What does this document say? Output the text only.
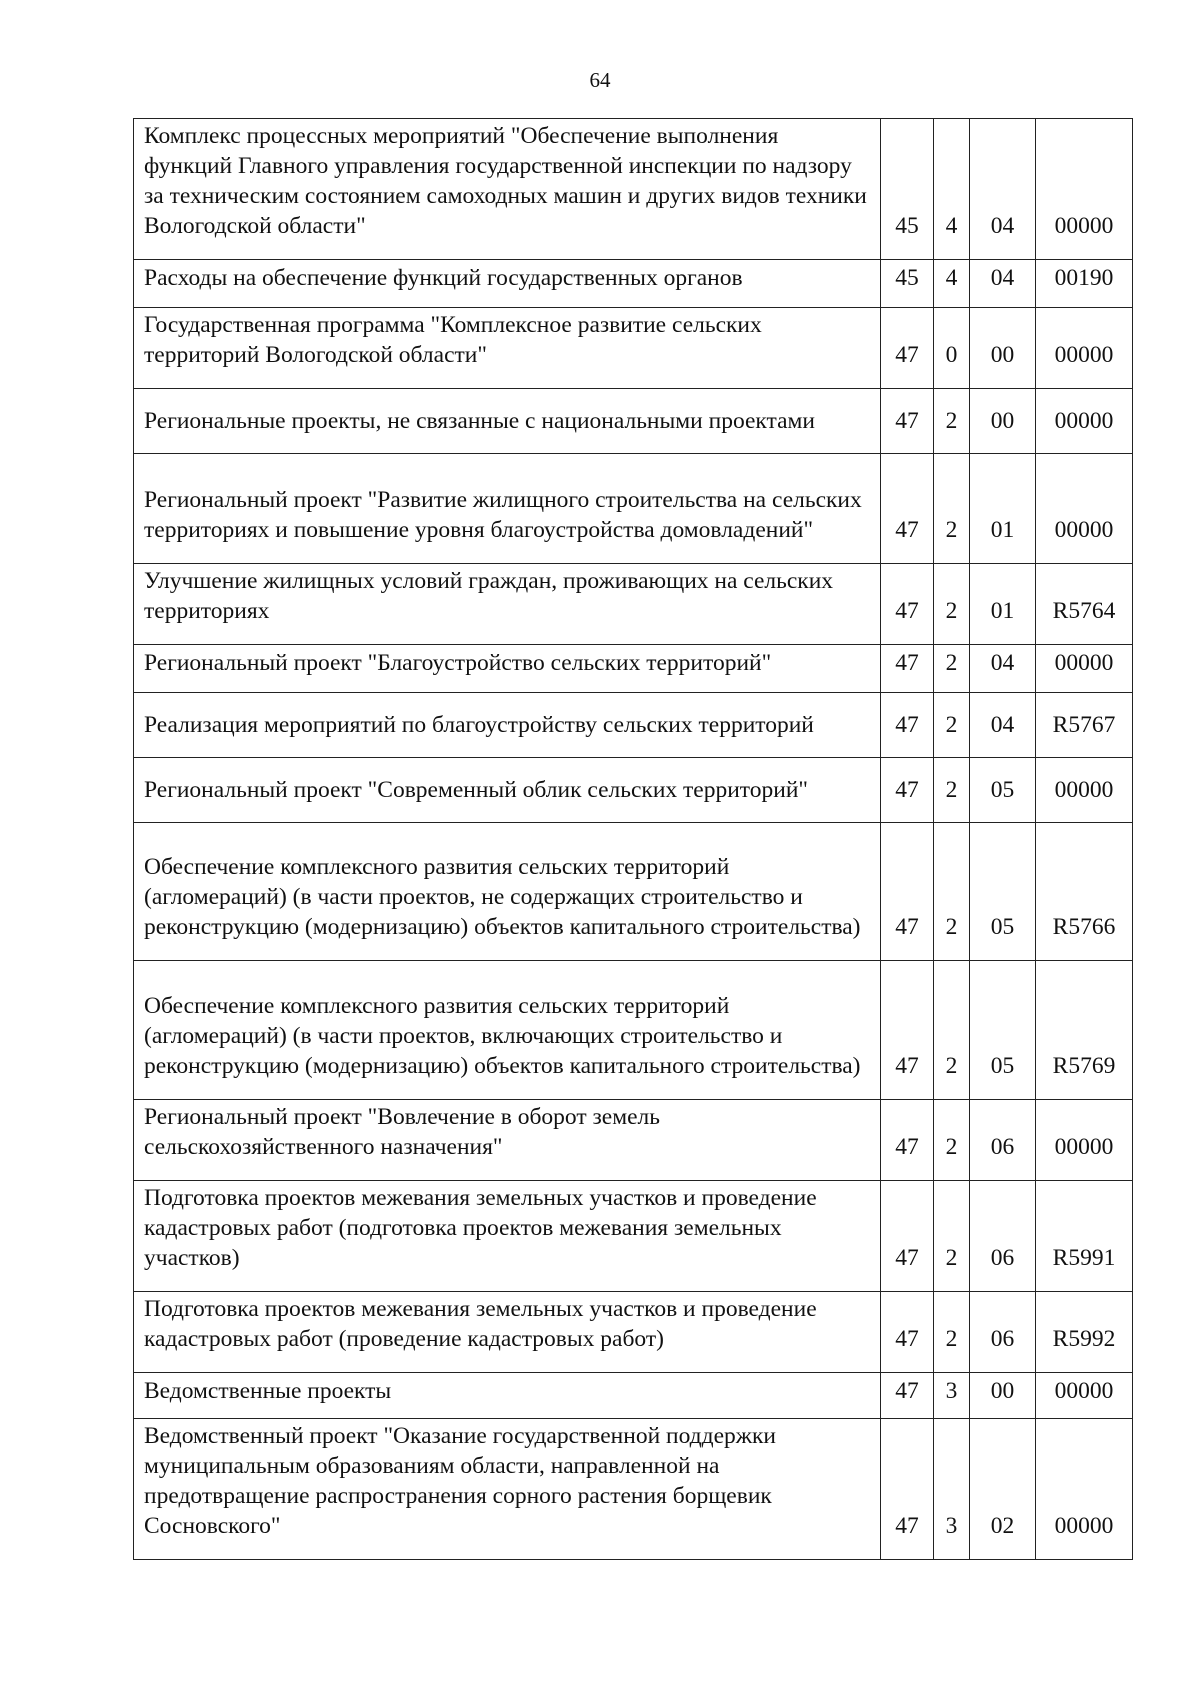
64
Комплекс процессных мероприятий "Обеспечение выполнения функций Главного управления государственной инспекции по надзору за техническим состоянием самоходных машин и других видов техники Вологодской области"	45	4	04	00000
Расходы на обеспечение функций государственных органов	45	4	04	00190
Государственная программа "Комплексное развитие сельских территорий Вологодской области"	47	0	00	00000
Региональные проекты, не связанные с национальными проектами	47	2	00	00000
Региональный проект "Развитие жилищного строительства на сельских территориях и повышение уровня благоустройства домовладений"	47	2	01	00000
Улучшение жилищных условий граждан, проживающих на сельских территориях	47	2	01	R5764
Региональный проект "Благоустройство сельских территорий"	47	2	04	00000
Реализация мероприятий по благоустройству сельских территорий	47	2	04	R5767
Региональный проект "Современный облик сельских территорий"	47	2	05	00000
Обеспечение комплексного развития сельских территорий (агломераций) (в части проектов, не содержащих строительство и реконструкцию (модернизацию) объектов капитального строительства)	47	2	05	R5766
Обеспечение комплексного развития сельских территорий (агломераций) (в части проектов, включающих строительство и реконструкцию (модернизацию) объектов капитального строительства)	47	2	05	R5769
Региональный проект "Вовлечение в оборот земель сельскохозяйственного назначения"	47	2	06	00000
Подготовка проектов межевания земельных участков и проведение кадастровых работ (подготовка проектов межевания земельных участков)	47	2	06	R5991
Подготовка проектов межевания земельных участков и проведение кадастровых работ (проведение кадастровых работ)	47	2	06	R5992
Ведомственные проекты	47	3	00	00000
Ведомственный проект "Оказание государственной поддержки муниципальным образованиям области, направленной на предотвращение распространения сорного растения борщевик Сосновского"	47	3	02	00000
